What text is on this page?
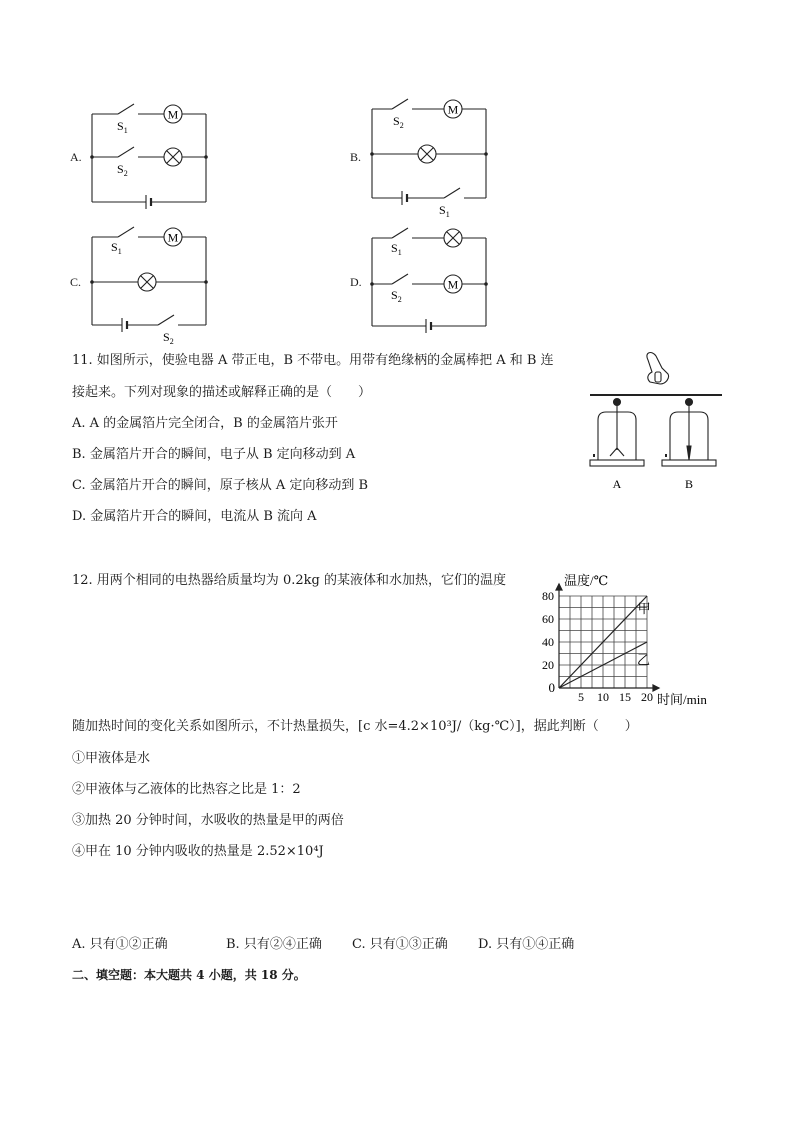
A.
M
$S_1$
$S_2$
B.
M
$S_2$
$S_1$
C.
M
$S_1$
$S_2$
D.	M
$S_1$
$S_2$
11. 如图所示，使验电器 A 带正电，B 不带电。用带有绝缘柄的金属棒把 A 和 B 连
接起来。下列对现象的描述或解释正确的是（　　）
A. A 的金属箔片完全闭合，B 的金属箔片张开
B. 金属箔片开合的瞬间，电子从 B 定向移动到 A
C. 金属箔片开合的瞬间，原子核从 A 定向移动到 B
D. 金属箔片开合的瞬间，电流从 B 流向 A
A	B
12. 用两个相同的电热器给质量均为 0.2kg 的某液体和水加热，它们的温度
5 10 15 20
20
40
60
80
甲
乙
温度/℃
时间/min
0
随加热时间的变化关系如图所示，不计热量损失，[c 水=4.2×10³J/（kg·℃）]，据此判断（　　）
①甲液体是水
②甲液体与乙液体的比热容之比是 1：2
③加热 20 分钟时间，水吸收的热量是甲的两倍
④甲在 10 分钟内吸收的热量是 2.52×10⁴J
A. 只有①②正确	B. 只有②④正确 C. 只有①③正确 D. 只有①④正确
二、填空题：本大题共 4 小题，共 18 分。
